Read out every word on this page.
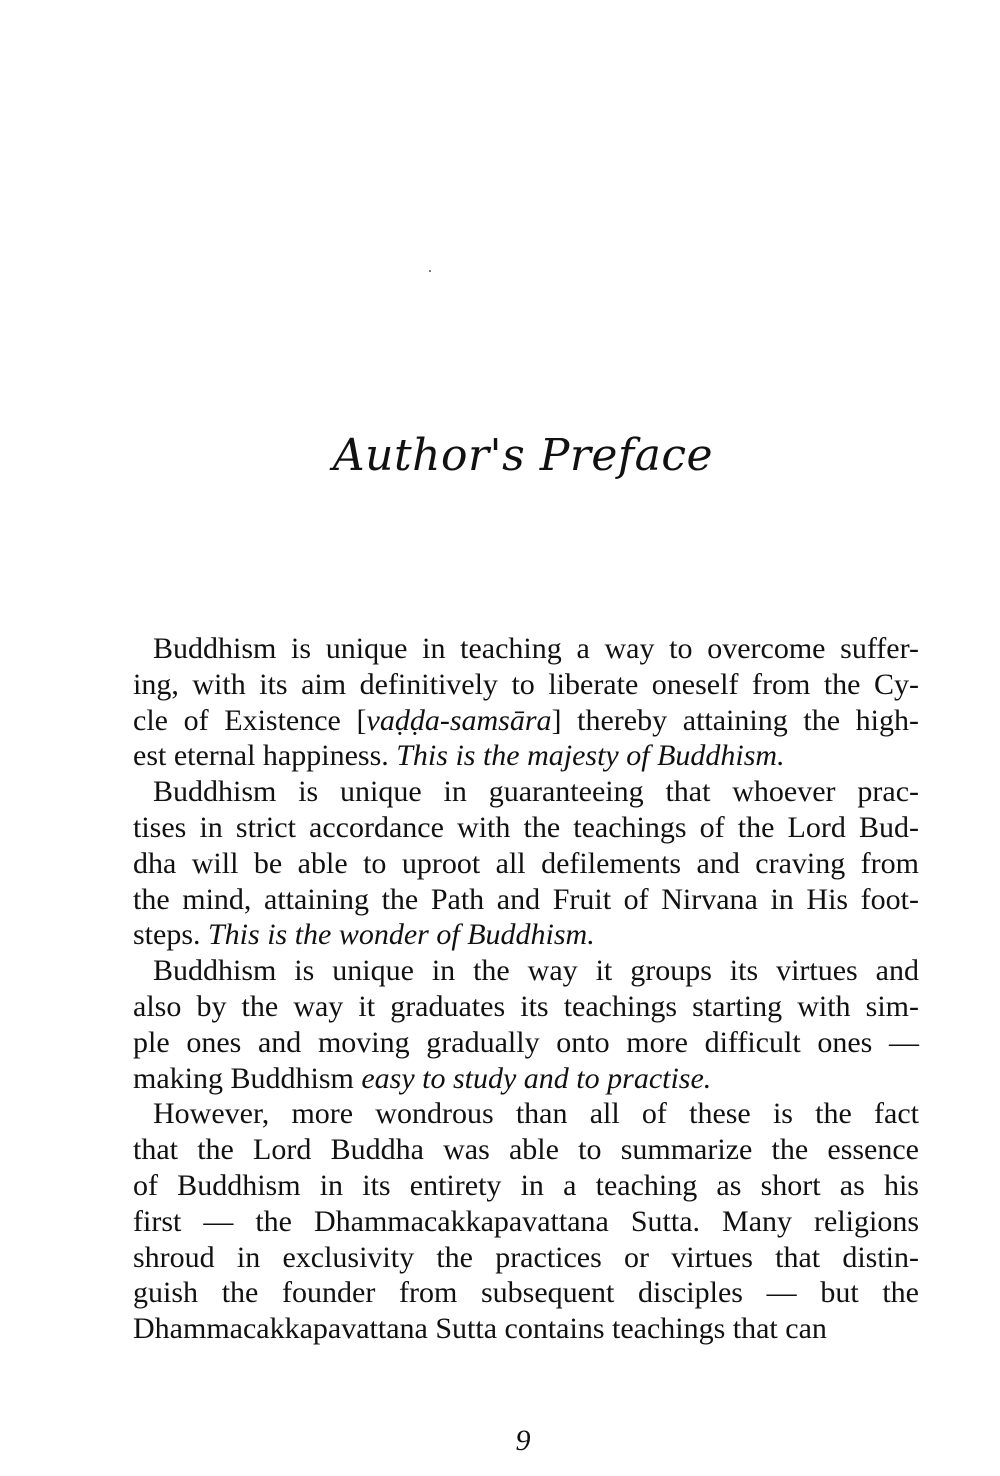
Author's Preface
Buddhism is unique in teaching a way to overcome suffer-
ing, with its aim definitively to liberate oneself from the Cy-
cle of Existence [vaḍḍa-samsāra] thereby attaining the high-
est eternal happiness. This is the majesty of Buddhism.
Buddhism is unique in guaranteeing that whoever prac-
tises in strict accordance with the teachings of the Lord Bud-
dha will be able to uproot all defilements and craving from
the mind, attaining the Path and Fruit of Nirvana in His foot-
steps. This is the wonder of Buddhism.
Buddhism is unique in the way it groups its virtues and
also by the way it graduates its teachings starting with sim-
ple ones and moving gradually onto more difficult ones —
making Buddhism easy to study and to practise.
However, more wondrous than all of these is the fact
that the Lord Buddha was able to summarize the essence
of Buddhism in its entirety in a teaching as short as his
first — the Dhammacakkapavattana Sutta. Many religions
shroud in exclusivity the practices or virtues that distin-
guish the founder from subsequent disciples — but the
Dhammacakkapavattana Sutta contains teachings that can
9
